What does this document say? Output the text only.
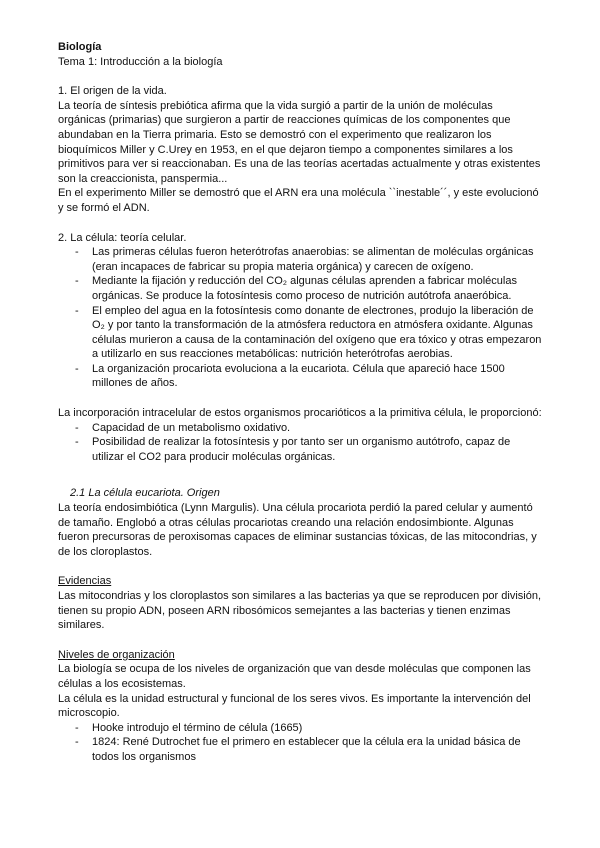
Biología

Tema 1: Introducción a la biología

1. El origen de la vida.

La teoría de síntesis prebiótica afirma que la vida surgió a partir de la unión de moléculas orgánicas (primarias) que surgieron a partir de reacciones químicas de los componentes que abundaban en la Tierra primaria. Esto se demostró con el experimento que realizaron los bioquímicos Miller y C.Urey en 1953, en el que dejaron tiempo a componentes similares a los primitivos para ver si reaccionaban. Es una de las teorías acertadas actualmente y otras existentes son la creaccionista, panspermia...

En el experimento Miller se demostró que el ARN era una molécula ``inestable´´, y este evolucionó y se formó el ADN.

2. La célula: teoría celular.

- Las primeras células fueron heterótrofas anaerobias: se alimentan de moléculas orgánicas (eran incapaces de fabricar su propia materia orgánica) y carecen de oxígeno.
- Mediante la fijación y reducción del CO₂ algunas células aprenden a fabricar moléculas orgánicas. Se produce la fotosíntesis como proceso de nutrición autótrofa anaeróbica.
- El empleo del agua en la fotosíntesis como donante de electrones, produjo la liberación de O₂ y por tanto la transformación de la atmósfera reductora en atmósfera oxidante. Algunas células murieron a causa de la contaminación del oxígeno que era tóxico y otras empezaron a utilizarlo en sus reacciones metabólicas: nutrición heterótrofas aerobias.
- La organización procariota evoluciona a la eucariota. Célula que apareció hace 1500 millones de años.

La incorporación intracelular de estos organismos procarióticos a la primitiva célula, le proporcionó:

- Capacidad de un metabolismo oxidativo.
- Posibilidad de realizar la fotosíntesis y por tanto ser un organismo autótrofo, capaz de utilizar el CO2 para producir moléculas orgánicas.

2.1 La célula eucariota. Origen

La teoría endosimbiótica (Lynn Margulis). Una célula procariota perdió la pared celular y aumentó de tamaño. Englobó a otras células procariotas creando una relación endosimbionte. Algunas fueron precursoras de peroxisomas capaces de eliminar sustancias tóxicas, de las mitocondrias, y de los cloroplastos.

Evidencias

Las mitocondrias y los cloroplastos son similares a las bacterias ya que se reproducen por división, tienen su propio ADN, poseen ARN ribosómicos semejantes a las bacterias y tienen enzimas similares.

Niveles de organización

La biología se ocupa de los niveles de organización que van desde moléculas que componen las células a los ecosistemas.

La célula es la unidad estructural y funcional de los seres vivos. Es importante la intervención del microscopio.

- Hooke introdujo el término de célula (1665)
- 1824: René Dutrochet fue el primero en establecer que la célula era la unidad básica de todos los organismos
